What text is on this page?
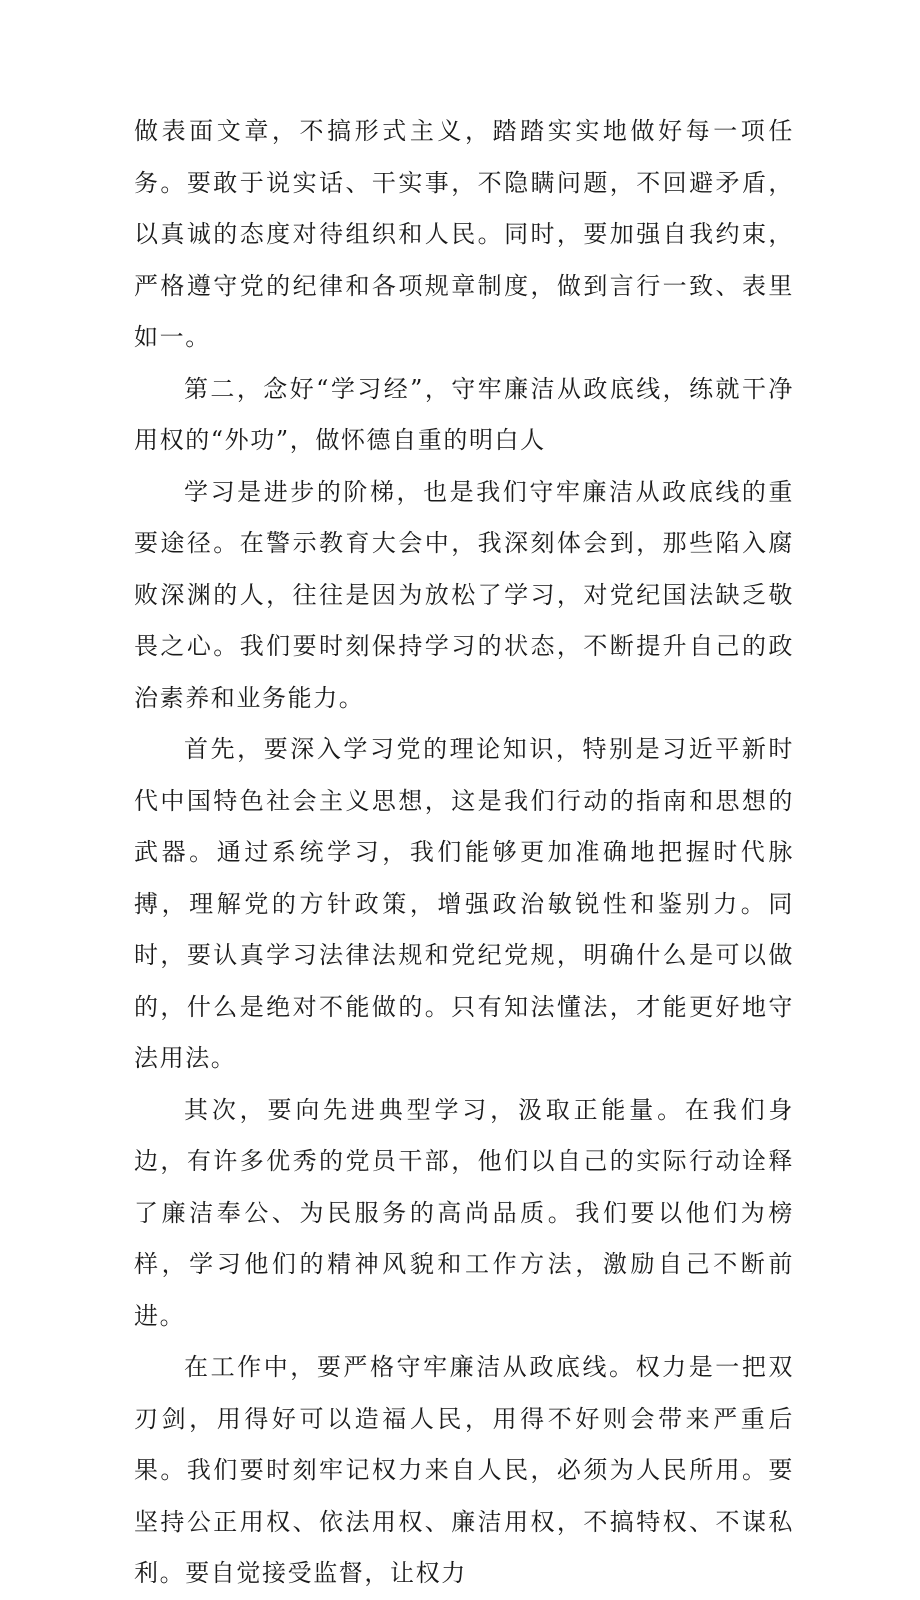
做表面文章，不搞形式主义，踏踏实实地做好每一项任务。要敢于说实话、干实事，不隐瞒问题，不回避矛盾，以真诚的态度对待组织和人民。同时，要加强自我约束，严格遵守党的纪律和各项规章制度，做到言行一致、表里如一。

第二，念好“学习经”，守牢廉洁从政底线，练就干净用权的“外功”，做怀德自重的明白人

学习是进步的阶梯，也是我们守牢廉洁从政底线的重要途径。在警示教育大会中，我深刻体会到，那些陷入腐败深渊的人，往往是因为放松了学习，对党纪国法缺乏敬畏之心。我们要时刻保持学习的状态，不断提升自己的政治素养和业务能力。

首先，要深入学习党的理论知识，特别是习近平新时代中国特色社会主义思想，这是我们行动的指南和思想的武器。通过系统学习，我们能够更加准确地把握时代脉搏，理解党的方针政策，增强政治敏锐性和鉴别力。同时，要认真学习法律法规和党纪党规，明确什么是可以做的，什么是绝对不能做的。只有知法懂法，才能更好地守法用法。

其次，要向先进典型学习，汲取正能量。在我们身边，有许多优秀的党员干部，他们以自己的实际行动诠释了廉洁奉公、为民服务的高尚品质。我们要以他们为榜样，学习他们的精神风貌和工作方法，激励自己不断前进。

在工作中，要严格守牢廉洁从政底线。权力是一把双刃剑，用得好可以造福人民，用得不好则会带来严重后果。我们要时刻牢记权力来自人民，必须为人民所用。要坚持公正用权、依法用权、廉洁用权，不搞特权、不谋私利。要自觉接受监督，让权力
